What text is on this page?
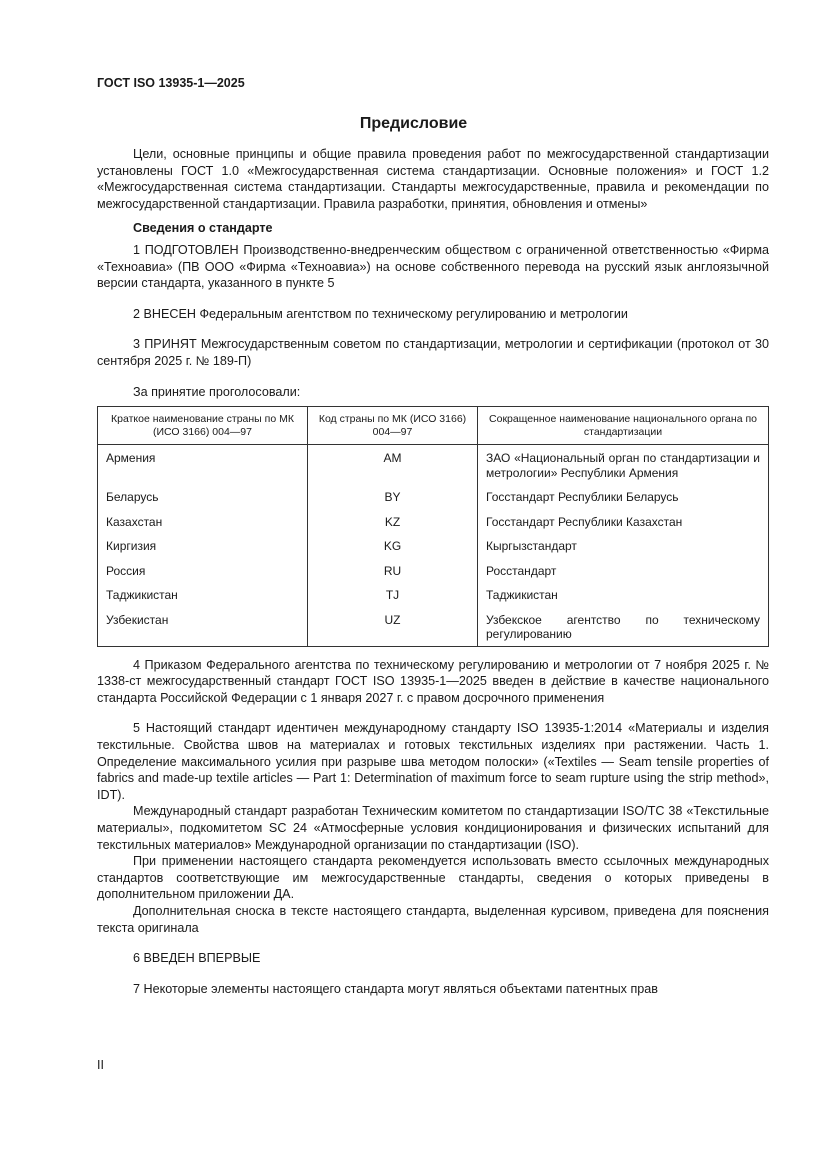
ГОСТ ISO 13935-1—2025
Предисловие

Цели, основные принципы и общие правила проведения работ по межгосударственной стандартизации установлены ГОСТ 1.0 «Межгосударственная система стандартизации. Основные положения» и ГОСТ 1.2 «Межгосударственная система стандартизации. Стандарты межгосударственные, правила и рекомендации по межгосударственной стандартизации. Правила разработки, принятия, обновления и отмены»

Сведения о стандарте

1 ПОДГОТОВЛЕН Производственно-внедренческим обществом с ограниченной ответственностью «Фирма «Техноавиа» (ПВ ООО «Фирма «Техноавиа») на основе собственного перевода на русский язык англоязычной версии стандарта, указанного в пункте 5

2 ВНЕСЕН Федеральным агентством по техническому регулированию и метрологии

3 ПРИНЯТ Межгосударственным советом по стандартизации, метрологии и сертификации (протокол от 30 сентября 2025 г. № 189-П)

За принятие проголосовали:

Краткое наименование страны по МК (ИСО 3166) 004—97	Код страны по МК (ИСО 3166) 004—97	Сокращенное наименование национального органа по стандартизации
Армения	AM	ЗАО «Национальный орган по стандартизации и метрологии» Республики Армения
Беларусь	BY	Госстандарт Республики Беларусь
Казахстан	KZ	Госстандарт Республики Казахстан
Киргизия	KG	Кыргызстандарт
Россия	RU	Росстандарт
Таджикистан	TJ	Таджикистан
Узбекистан	UZ	Узбекское агентство по техническому регулированию

4 Приказом Федерального агентства по техническому регулированию и метрологии от 7 ноября 2025 г. № 1338-ст межгосударственный стандарт ГОСТ ISO 13935-1—2025 введен в действие в качестве национального стандарта Российской Федерации с 1 января 2027 г. с правом досрочного применения

5 Настоящий стандарт идентичен международному стандарту ISO 13935-1:2014 «Материалы и изделия текстильные. Свойства швов на материалах и готовых текстильных изделиях при растяжении. Часть 1. Определение максимального усилия при разрыве шва методом полоски» («Textiles — Seam tensile properties of fabrics and made-up textile articles — Part 1: Determination of maximum force to seam rupture using the strip method», IDT).

Международный стандарт разработан Техническим комитетом по стандартизации ISO/TC 38 «Текстильные материалы», подкомитетом SC 24 «Атмосферные условия кондиционирования и физических испытаний для текстильных материалов» Международной организации по стандартизации (ISO).

При применении настоящего стандарта рекомендуется использовать вместо ссылочных международных стандартов соответствующие им межгосударственные стандарты, сведения о которых приведены в дополнительном приложении ДА.

Дополнительная сноска в тексте настоящего стандарта, выделенная курсивом, приведена для пояснения текста оригинала

6 ВВЕДЕН ВПЕРВЫЕ

7 Некоторые элементы настоящего стандарта могут являться объектами патентных прав

II
